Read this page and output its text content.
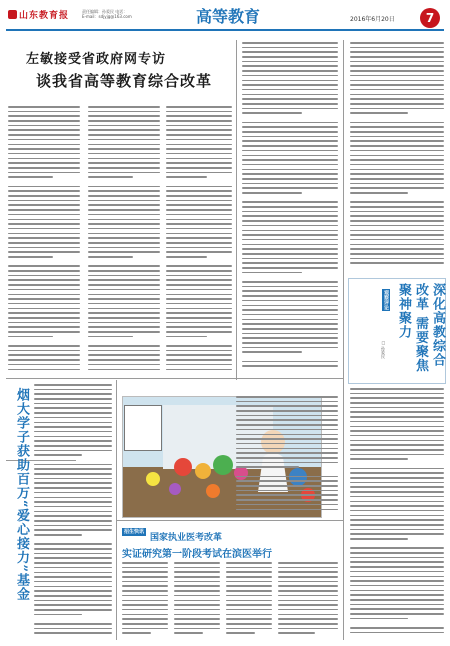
山东教育报	责任编辑：孙爱民 电话：
E-mail：sdjyjg@163.com	高等教育	2016年6月20日	7
左敏接受省政府网专访
谈我省高等教育综合改革
烟大学子获助百万“爱心接力”基金	招生快讯
国家执业医考改革
实证研究第一阶段考试在滨医举行
观察评论	深化高教综合改革 需要聚焦聚神聚力
□ 孙爱民
